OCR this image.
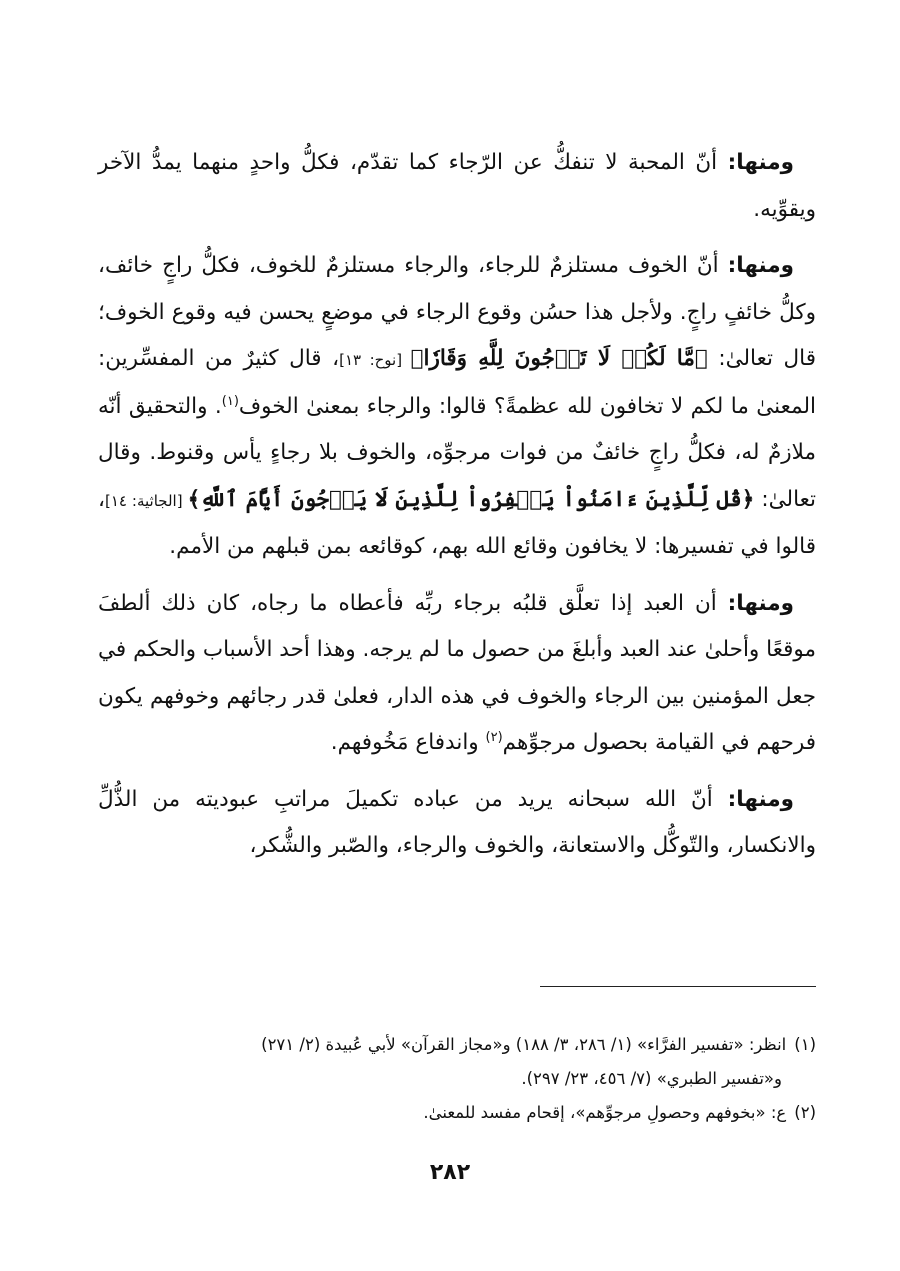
ومنها: أنّ المحبة لا تنفكُّ عن الرّجاء كما تقدّم، فكلُّ واحدٍ منهما يمدُّ الآخر ويقوِّيه.

ومنها: أنّ الخوف مستلزمٌ للرجاء، والرجاء مستلزمٌ للخوف، فكلُّ راجٍ خائف، وكلُّ خائفٍ راجٍ. ولأجل هذا حسُن وقوع الرجاء في موضعٍ يحسن فيه وقوع الخوف؛ قال تعالىٰ: ﴿مَّا لَكُمۡ لَا تَرۡجُونَ لِلَّهِ وَقَارٗا﴾ [نوح: ١٣]، قال كثيرٌ من المفسِّرين: المعنىٰ ما لكم لا تخافون لله عظمةً؟ قالوا: والرجاء بمعنىٰ الخوف$^{(١)}$. والتحقيق أنّه ملازمٌ له، فكلُّ راجٍ خائفٌ من فوات مرجوِّه، والخوف بلا رجاءٍ يأس وقنوط. وقال تعالىٰ: ﴿قُل لِّلَّذِينَ ءَامَنُواْ يَغۡفِرُواْ لِلَّذِينَ لَا يَرۡجُونَ أَيَّامَ ٱللَّهِ﴾ [الجاثية: ١٤]، قالوا في تفسيرها: لا يخافون وقائع الله بهم، كوقائعه بمن قبلهم من الأمم.

ومنها: أن العبد إذا تعلَّق قلبُه برجاء ربِّه فأعطاه ما رجاه، كان ذلك ألطفَ موقعًا وأحلىٰ عند العبد وأبلغَ من حصول ما لم يرجه. وهذا أحد الأسباب والحكم في جعل المؤمنين بين الرجاء والخوف في هذه الدار، فعلىٰ قدر رجائهم وخوفهم يكون فرحهم في القيامة بحصول مرجوِّهم$^{(٢)}$ واندفاع مَخُوفهم.

ومنها: أنّ الله سبحانه يريد من عباده تكميلَ مراتبِ عبوديته من الذُّلِّ والانكسار، والتّوكُّل والاستعانة، والخوف والرجاء، والصّبر والشُّكر،

(١)انظر: «تفسير الفرَّاء» (١/ ٢٨٦، ٣/ ١٨٨) و«مجاز القرآن» لأبي عُبيدة (٢/ ٢٧١)

و«تفسير الطبري» (٧/ ٤٥٦، ٢٣/ ٢٩٧).

(٢)ع: «بخوفهم وحصولِ مرجوِّهم»، إقحام مفسد للمعنىٰ.

٢٨٢
